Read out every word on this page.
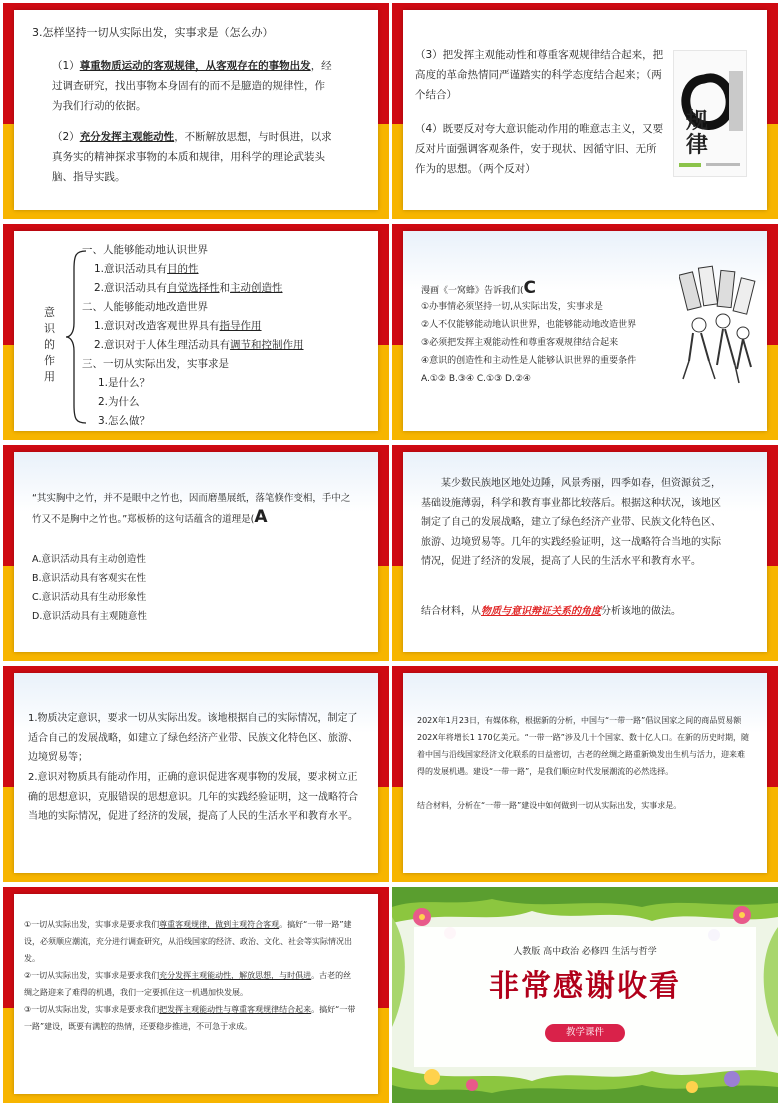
3.怎样坚持一切从实际出发，实事求是（怎么办）
（1）尊重物质运动的客观规律，从客观存在的事物出发，经过调查研究，找出事物本身固有的而不是臆造的规律性，作为我们行动的依据。
（2）充分发挥主观能动性，不断解放思想，与时俱进，以求真务实的精神探求事物的本质和规律，用科学的理论武装头脑、指导实践。
（3）把发挥主观能动性和尊重客观规律结合起来，把高度的革命热情同严谨踏实的科学态度结合起来；（两个结合）
（4）既要反对夸大意识能动作用的唯意志主义，又要反对片面强调客观条件，安于现状、因循守旧、无所作为的思想。（两个反对）
规律
意识的作用
一、人能够能动地认识世界
1.意识活动具有目的性
2.意识活动具有自觉选择性和主动创造性
二、人能够能动地改造世界
1.意识对改造客观世界具有指导作用
2.意识对于人体生理活动具有调节和控制作用
三、一切从实际出发，实事求是
1.是什么？
2.为什么
3.怎么做？
漫画《一窝蜂》告诉我们(C
①办事情必须坚持一切,从实际出发，实事求是
②人不仅能够能动地认识世界，也能够能动地改造世界
③必须把发挥主观能动性和尊重客观规律结合起来
④意识的创造性和主动性是人能够认识世界的重要条件
A.①② B.③④ C.①③ D.②④
“其实胸中之竹，并不是眼中之竹也，因而磨墨展纸，落笔倏作变相，手中之竹又不是胸中之竹也。”郑板桥的这句话蕴含的道理是(A
A.意识活动具有主动创造性
B.意识活动具有客观实在性
C.意识活动具有生动形象性
D.意识活动具有主观随意性
某少数民族地区地处边陲，风景秀丽，四季如春，但资源贫乏，基础设施薄弱，科学和教育事业都比较落后。根据这种状况，该地区制定了自己的发展战略，建立了绿色经济产业带、民族文化特色区、旅游、边境贸易等。几年的实践经验证明，这一战略符合当地的实际情况，促进了经济的发展，提高了人民的生活水平和教育水平。
结合材料，从物质与意识辩证关系的角度分析该地的做法。
1.物质决定意识，要求一切从实际出发。该地根据自己的实际情况，制定了适合自己的发展战略，如建立了绿色经济产业带、民族文化特色区、旅游、边境贸易等；
2.意识对物质具有能动作用，正确的意识促进客观事物的发展，要求树立正确的思想意识，克服错误的思想意识。几年的实践经验证明，这一战略符合当地的实际情况，促进了经济的发展，提高了人民的生活水平和教育水平。
202X年1月23日，有媒体称，根据新的分析，中国与“一带一路”倡议国家之间的商品贸易额202X年将增长1 170亿美元。“一带一路”涉及几十个国家、数十亿人口。在新的历史时期，随着中国与沿线国家经济文化联系的日益密切，古老的丝绸之路重新焕发出生机与活力，迎来难得的发展机遇。建设“一带一路”，是我们顺应时代发展潮流的必然选择。
结合材料，分析在“一带一路”建设中如何做到一切从实际出发，实事求是。
①一切从实际出发，实事求是要求我们尊重客观规律，做到主观符合客观。搞好“一带一路”建设，必须顺应潮流，充分进行调查研究，从沿线国家的经济、政治、文化、社会等实际情况出发。
②一切从实际出发，实事求是要求我们充分发挥主观能动性，解放思想，与时俱进。古老的丝绸之路迎来了难得的机遇，我们一定要抓住这一机遇加快发展。
③一切从实际出发，实事求是要求我们把发挥主观能动性与尊重客观规律结合起来。搞好“一带一路”建设，既要有满腔的热情，还要稳步推进，不可急于求成。
人教版 高中政治 必修四 生活与哲学
非常感谢收看
教学课件
